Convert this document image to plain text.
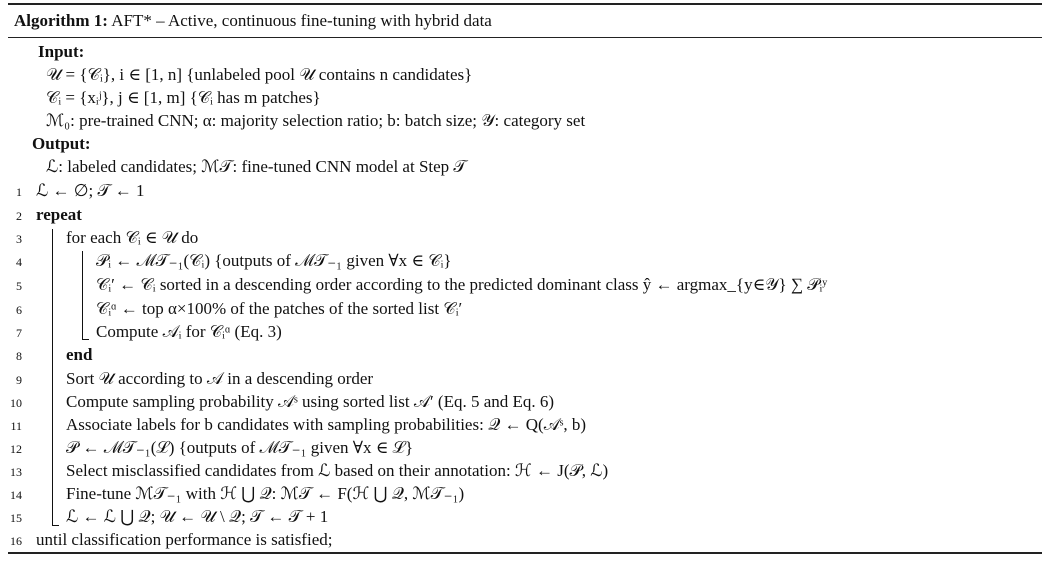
Algorithm 1: AFT* – Active, continuous fine-tuning with hybrid data
Input:
𝒰 = {𝒞ᵢ}, i ∈ [1, n] {unlabeled pool 𝒰 contains n candidates}
𝒞ᵢ = {xᵢʲ}, j ∈ [1, m] {𝒞ᵢ has m patches}
ℳ₀: pre-trained CNN; α: majority selection ratio; b: batch size; 𝒴: category set
Output:
ℒ: labeled candidates; ℳ𝒯: fine-tuned CNN model at Step 𝒯
1 ℒ ← ∅; 𝒯 ← 1
2 repeat
3	for each 𝒞ᵢ ∈ 𝒰 do
4	𝒫ᵢ ← ℳ𝒯₋₁(𝒞ᵢ) {outputs of ℳ𝒯₋₁ given ∀x ∈ 𝒞ᵢ}
5	𝒞ᵢ′ ← 𝒞ᵢ sorted in a descending order according to the predicted dominant class ŷ ← argmax_{y∈𝒴} ∑ 𝒫ᵢʸ
6	𝒞ᵢᵅ ← top α×100% of the patches of the sorted list 𝒞ᵢ′
7	Compute 𝒜ᵢ for 𝒞ᵢᵅ (Eq. 3)
8	end
9	Sort 𝒰 according to 𝒜 in a descending order
10	Compute sampling probability 𝒜ˢ using sorted list 𝒜′ (Eq. 5 and Eq. 6)
11	Associate labels for b candidates with sampling probabilities: 𝒬 ← Q(𝒜ˢ, b)
12	𝒫 ← ℳ𝒯₋₁(ℒ) {outputs of ℳ𝒯₋₁ given ∀x ∈ ℒ}
13	Select misclassified candidates from ℒ based on their annotation: ℋ ← J(𝒫, ℒ)
14	Fine-tune ℳ𝒯₋₁ with ℋ ⋃ 𝒬: ℳ𝒯 ← F(ℋ ⋃ 𝒬, ℳ𝒯₋₁)
15	ℒ ← ℒ ⋃ 𝒬; 𝒰 ← 𝒰 \ 𝒬; 𝒯 ← 𝒯 + 1
16 until classification performance is satisfied;
